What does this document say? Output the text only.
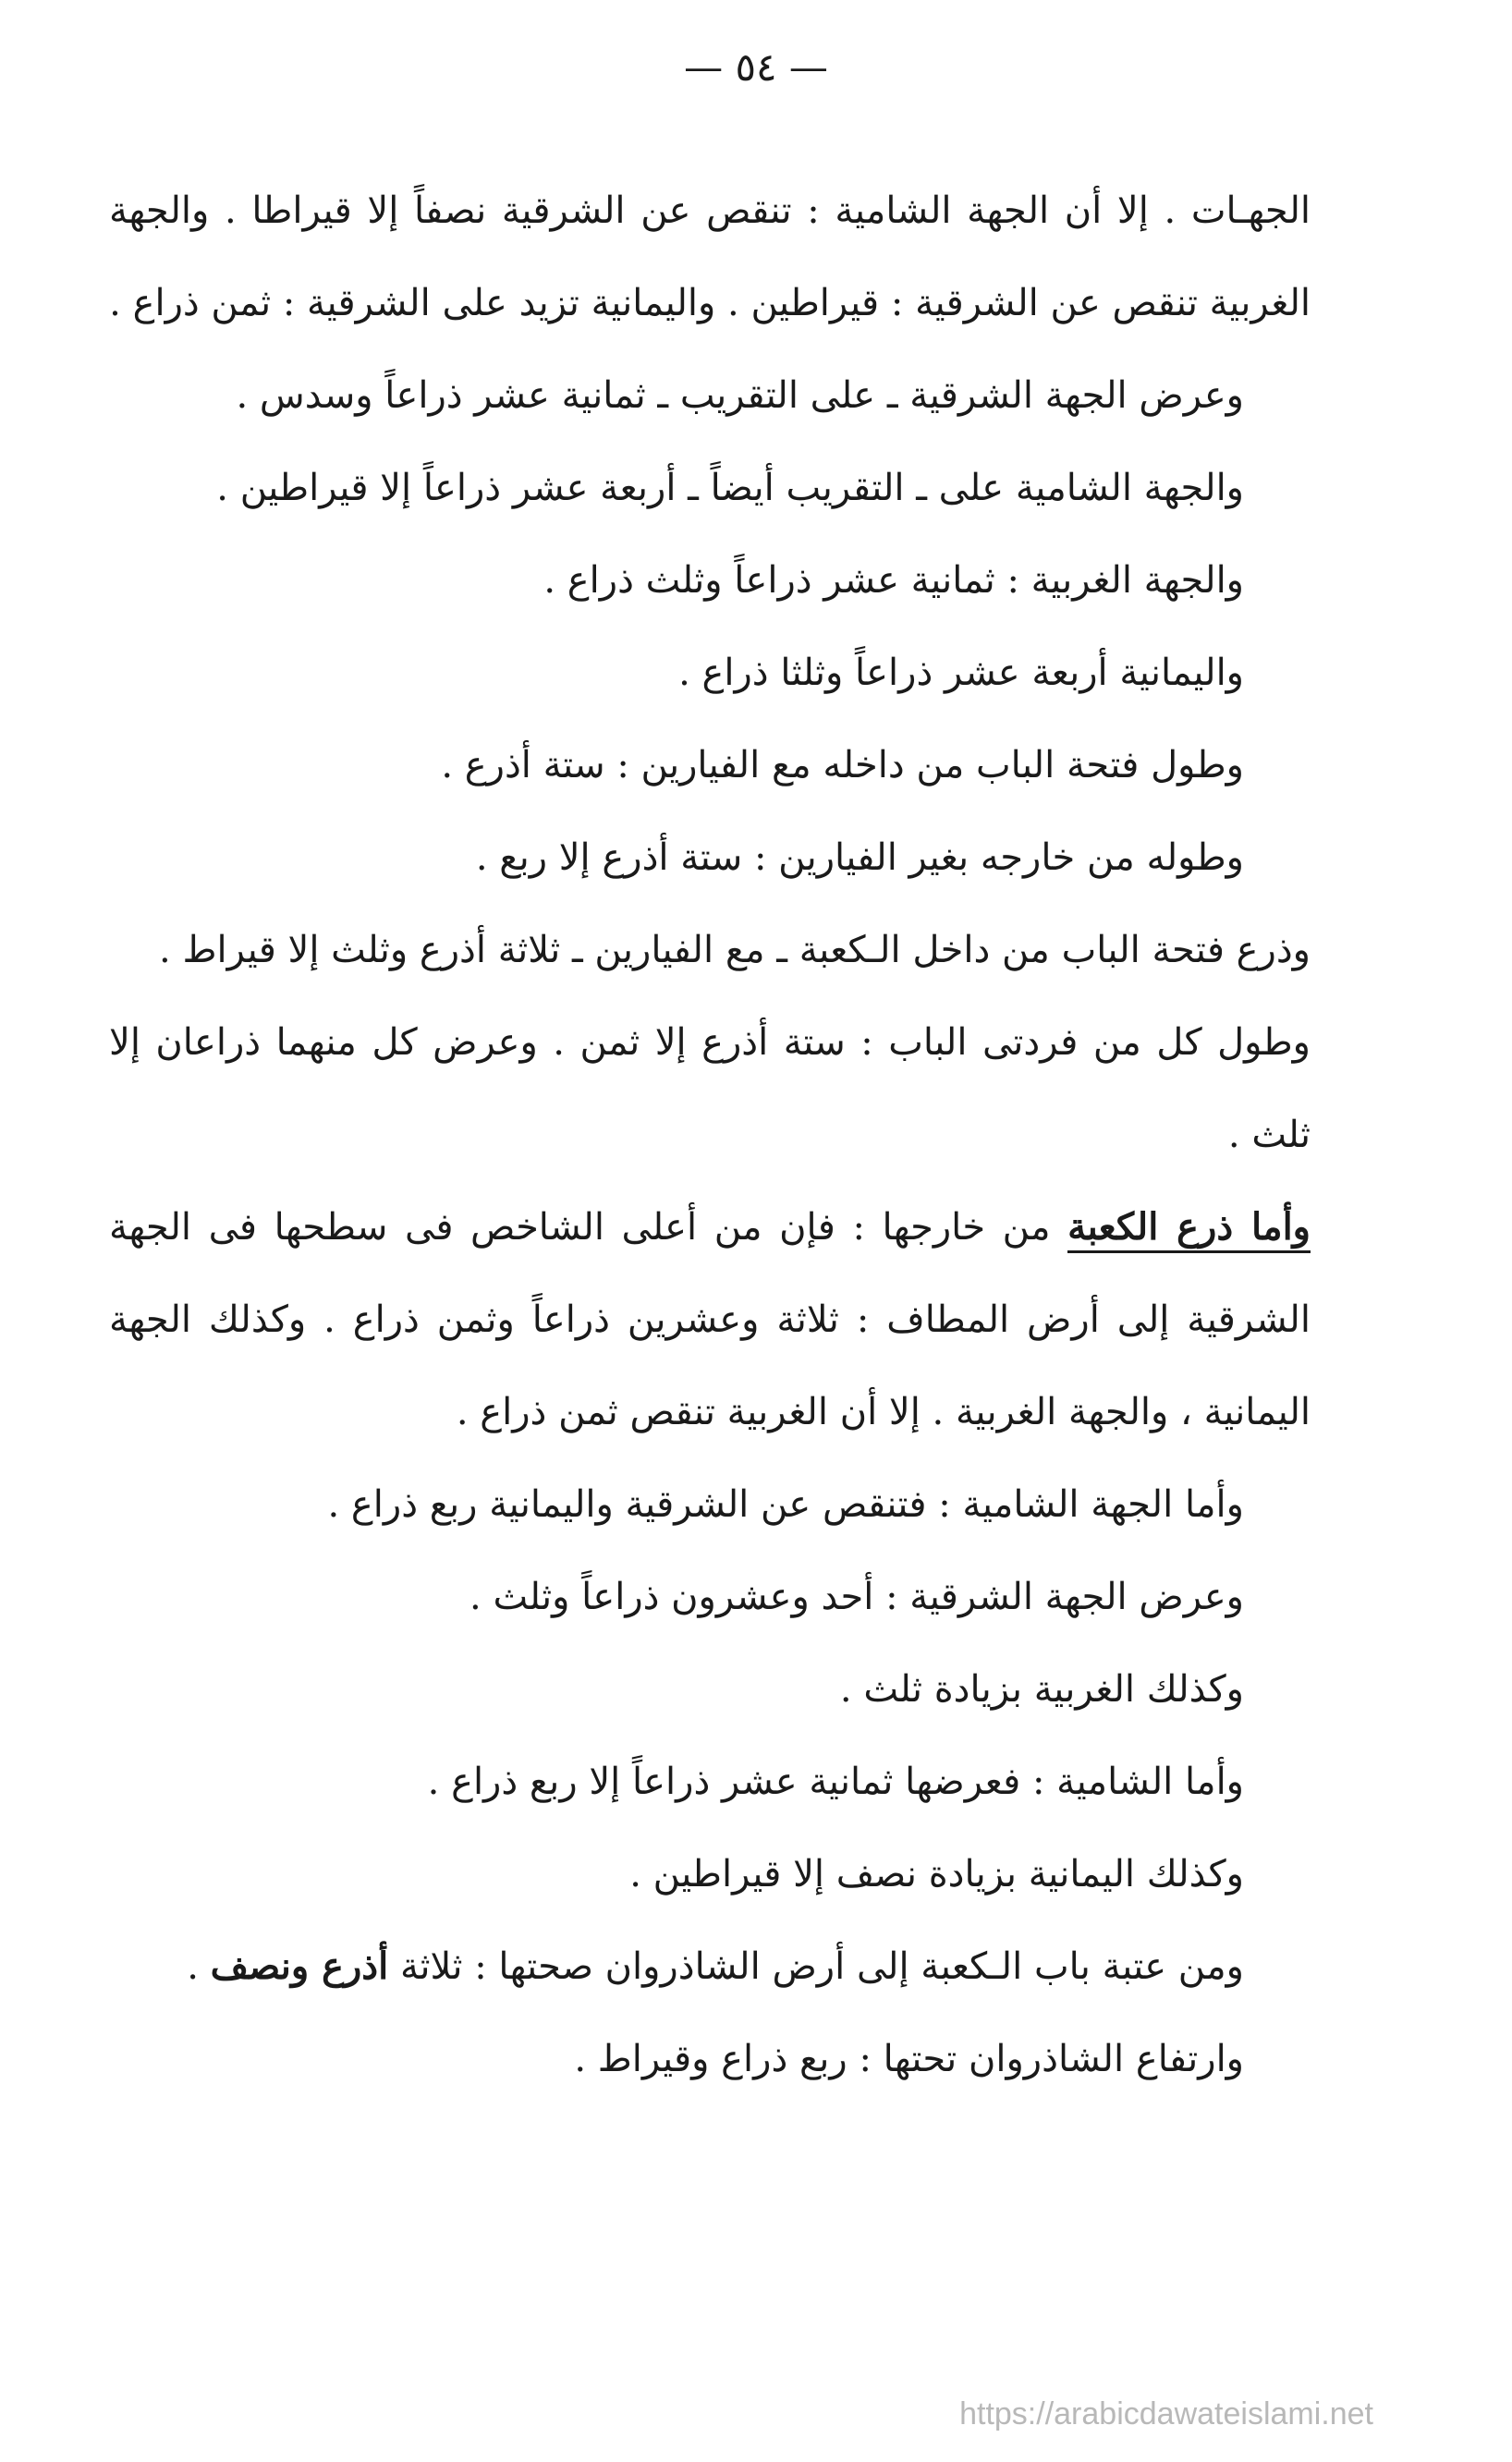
— ٥٤ —

الجهـات . إلا أن الجهة الشامية : تنقص عن الشرقية نصفاً إلا قيراطا . والجهة الغربية تنقص عن الشرقية : قيراطين . واليمانية تزيد على الشرقية : ثمن ذراع .

وعرض الجهة الشرقية ـ على التقريب ـ ثمانية عشر ذراعاً وسدس .

والجهة الشامية على ـ التقريب أيضاً ـ أربعة عشر ذراعاً إلا قيراطين .

والجهة الغربية : ثمانية عشر ذراعاً وثلث ذراع .

واليمانية أربعة عشر ذراعاً وثلثا ذراع .

وطول فتحة الباب من داخله مع الفيارين : ستة أذرع .

وطوله من خارجه بغير الفيارين : ستة أذرع إلا ربع .

وذرع فتحة الباب من داخل الـكعبة ـ مع الفيارين ـ ثلاثة أذرع وثلث إلا قيراط .

وطول كل من فردتى الباب : ستة أذرع إلا ثمن . وعرض كل منهما ذراعان إلا ثلث .

وأما ذرع الكعبة من خارجها : فإن من أعلى الشاخص فى سطحها فى الجهة الشرقية إلى أرض المطاف : ثلاثة وعشرين ذراعاً وثمن ذراع . وكذلك الجهة اليمانية ، والجهة الغربية . إلا أن الغربية تنقص ثمن ذراع .

وأما الجهة الشامية : فتنقص عن الشرقية واليمانية ربع ذراع .

وعرض الجهة الشرقية : أحد وعشرون ذراعاً وثلث .

وكذلك الغربية بزيادة ثلث .

وأما الشامية : فعرضها ثمانية عشر ذراعاً إلا ربع ذراع .

وكذلك اليمانية بزيادة نصف إلا قيراطين .

ومن عتبة باب الـكعبة إلى أرض الشاذروان صحتها : ثلاثة أذرع ونصف .

وارتفاع الشاذروان تحتها : ربع ذراع وقيراط .

https://arabicdawateislami.net
